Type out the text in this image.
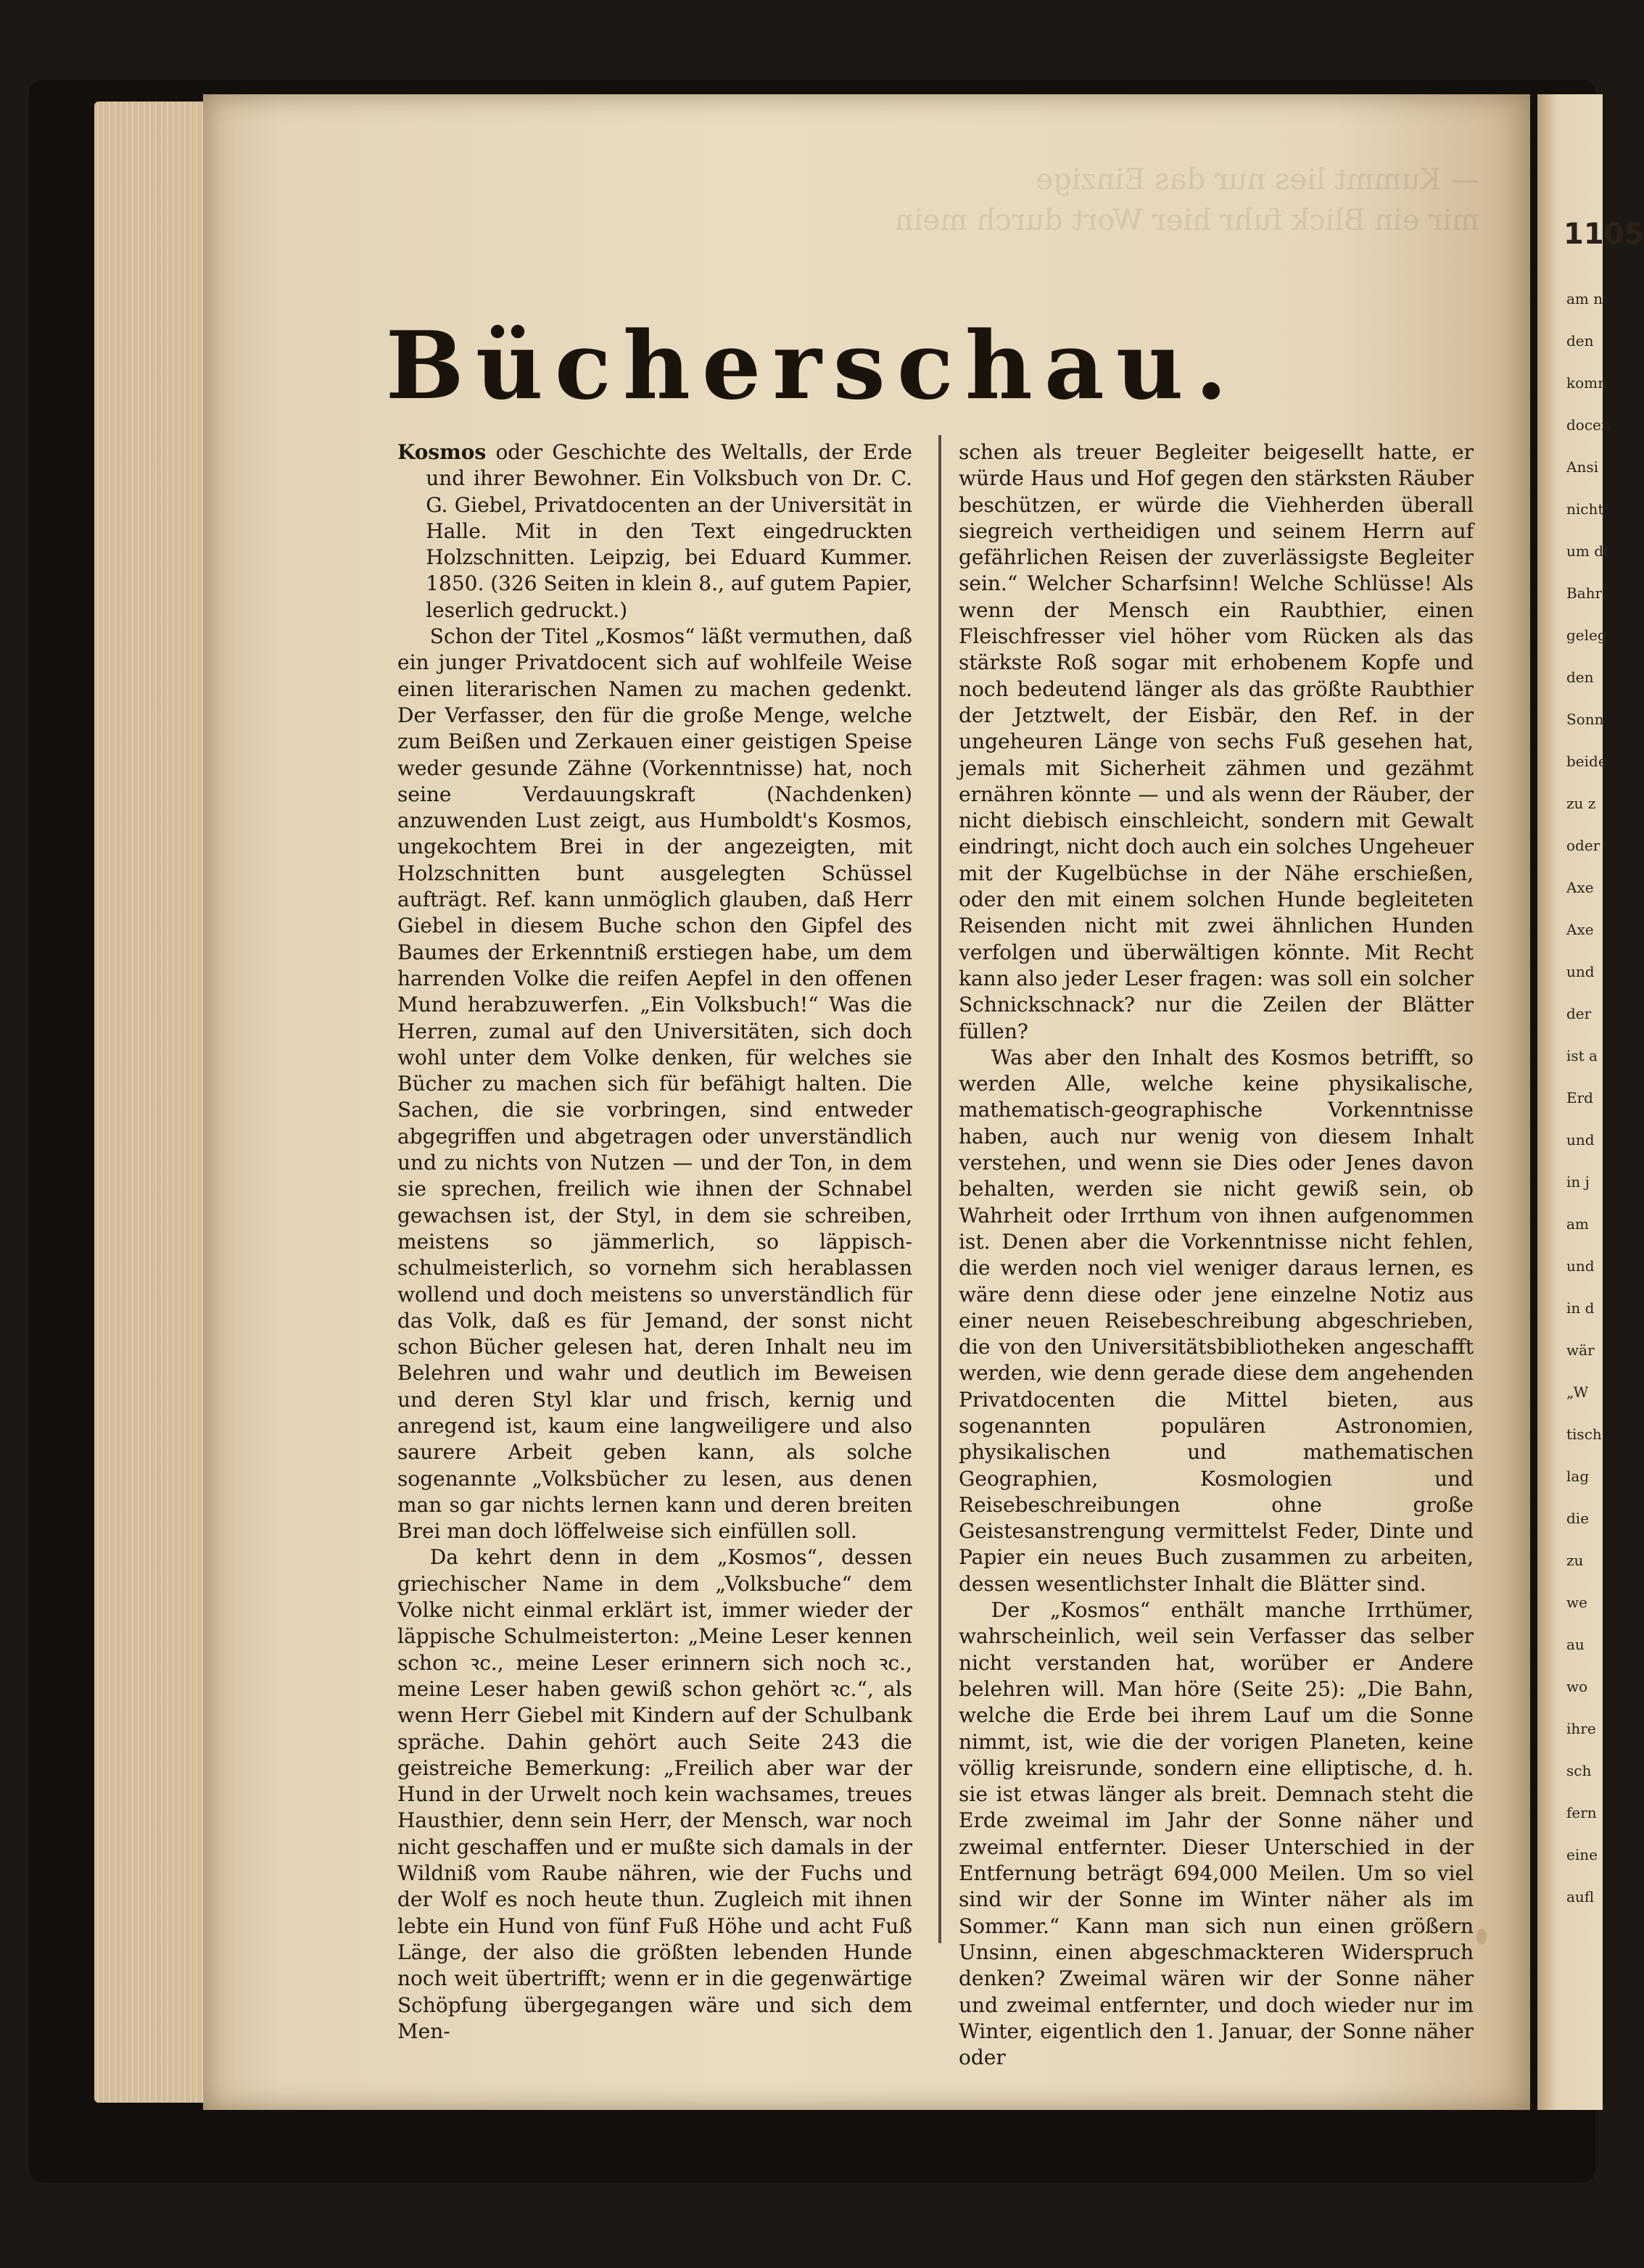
— Kummt lies nur das Einzige
mir ein Blick fuhr hier Wort durch mein
Bücherschau.

Kosmos oder Geschichte des Weltalls, der Erde und ihrer Bewohner. Ein Volksbuch von Dr. C. G. Giebel, Privatdocenten an der Universität in Halle. Mit in den Text eingedruckten Holzschnitten. Leipzig, bei Eduard Kummer. 1850. (326 Seiten in klein 8., auf gutem Papier, leserlich gedruckt.)

Schon der Titel „Kosmos“ läßt vermuthen, daß ein junger Privatdocent sich auf wohlfeile Weise einen literarischen Namen zu machen gedenkt. Der Verfasser, den für die große Menge, welche zum Beißen und Zerkauen einer geistigen Speise weder gesunde Zähne (Vorkenntnisse) hat, noch seine Verdauungskraft (Nachdenken) anzuwenden Lust zeigt, aus Humboldt's Kosmos, ungekochtem Brei in der angezeigten, mit Holzschnitten bunt ausgelegten Schüssel aufträgt. Ref. kann unmöglich glauben, daß Herr Giebel in diesem Buche schon den Gipfel des Baumes der Erkenntniß erstiegen habe, um dem harrenden Volke die reifen Aepfel in den offenen Mund herabzuwerfen. „Ein Volksbuch!“ Was die Herren, zumal auf den Universitäten, sich doch wohl unter dem Volke denken, für welches sie Bücher zu machen sich für befähigt halten. Die Sachen, die sie vorbringen, sind entweder abgegriffen und abgetragen oder unverständlich und zu nichts von Nutzen — und der Ton, in dem sie sprechen, freilich wie ihnen der Schnabel gewachsen ist, der Styl, in dem sie schreiben, meistens so jämmerlich, so läppisch-schulmeisterlich, so vornehm sich herablassen wollend und doch meistens so unverständlich für das Volk, daß es für Jemand, der sonst nicht schon Bücher gelesen hat, deren Inhalt neu im Belehren und wahr und deutlich im Beweisen und deren Styl klar und frisch, kernig und anregend ist, kaum eine langweiligere und also saurere Arbeit geben kann, als solche sogenannte „Volksbücher zu lesen, aus denen man so gar nichts lernen kann und deren breiten Brei man doch löffelweise sich einfüllen soll.

Da kehrt denn in dem „Kosmos“, dessen griechischer Name in dem „Volksbuche“ dem Volke nicht einmal erklärt ist, immer wieder der läppische Schulmeisterton: „Meine Leser kennen schon ꝛc., meine Leser erinnern sich noch ꝛc., meine Leser haben gewiß schon gehört ꝛc.“, als wenn Herr Giebel mit Kindern auf der Schulbank spräche. Dahin gehört auch Seite 243 die geistreiche Bemerkung: „Freilich aber war der Hund in der Urwelt noch kein wachsames, treues Hausthier, denn sein Herr, der Mensch, war noch nicht geschaffen und er mußte sich damals in der Wildniß vom Raube nähren, wie der Fuchs und der Wolf es noch heute thun. Zugleich mit ihnen lebte ein Hund von fünf Fuß Höhe und acht Fuß Länge, der also die größten lebenden Hunde noch weit übertrifft; wenn er in die gegenwärtige Schöpfung übergegangen wäre und sich dem Men-

schen als treuer Begleiter beigesellt hatte, er würde Haus und Hof gegen den stärksten Räuber beschützen, er würde die Viehherden überall siegreich vertheidigen und seinem Herrn auf gefährlichen Reisen der zuverlässigste Begleiter sein.“ Welcher Scharfsinn! Welche Schlüsse! Als wenn der Mensch ein Raubthier, einen Fleischfresser viel höher vom Rücken als das stärkste Roß sogar mit erhobenem Kopfe und noch bedeutend länger als das größte Raubthier der Jetztwelt, der Eisbär, den Ref. in der ungeheuren Länge von sechs Fuß gesehen hat, jemals mit Sicherheit zähmen und gezähmt ernähren könnte — und als wenn der Räuber, der nicht diebisch einschleicht, sondern mit Gewalt eindringt, nicht doch auch ein solches Ungeheuer mit der Kugelbüchse in der Nähe erschießen, oder den mit einem solchen Hunde begleiteten Reisenden nicht mit zwei ähnlichen Hunden verfolgen und überwältigen könnte. Mit Recht kann also jeder Leser fragen: was soll ein solcher Schnickschnack? nur die Zeilen der Blätter füllen?

Was aber den Inhalt des Kosmos betrifft, so werden Alle, welche keine physikalische, mathematisch-geographische Vorkenntnisse haben, auch nur wenig von diesem Inhalt verstehen, und wenn sie Dies oder Jenes davon behalten, werden sie nicht gewiß sein, ob Wahrheit oder Irrthum von ihnen aufgenommen ist. Denen aber die Vorkenntnisse nicht fehlen, die werden noch viel weniger daraus lernen, es wäre denn diese oder jene einzelne Notiz aus einer neuen Reisebeschreibung abgeschrieben, die von den Universitätsbibliotheken angeschafft werden, wie denn gerade diese dem angehenden Privatdocenten die Mittel bieten, aus sogenannten populären Astronomien, physikalischen und mathematischen Geographien, Kosmologien und Reisebeschreibungen ohne große Geistesanstrengung vermittelst Feder, Dinte und Papier ein neues Buch zusammen zu arbeiten, dessen wesentlichster Inhalt die Blätter sind.

Der „Kosmos“ enthält manche Irrthümer, wahrscheinlich, weil sein Verfasser das selber nicht verstanden hat, worüber er Andere belehren will. Man höre (Seite 25): „Die Bahn, welche die Erde bei ihrem Lauf um die Sonne nimmt, ist, wie die der vorigen Planeten, keine völlig kreisrunde, sondern eine elliptische, d. h. sie ist etwas länger als breit. Demnach steht die Erde zweimal im Jahr der Sonne näher und zweimal entfernter. Dieser Unterschied in der Entfernung beträgt 694,000 Meilen. Um so viel sind wir der Sonne im Winter näher als im Sommer.“ Kann man sich nun einen größern Unsinn, einen abgeschmackteren Widerspruch denken? Zweimal wären wir der Sonne näher und zweimal entfernter, und doch wieder nur im Winter, eigentlich den 1. Januar, der Sonne näher oder

1105
am n
den
komn
docen
Ansi
nicht
um di
Bahr
geleg
den
Sonn
beide
zu z
oder
Axe
Axe
und
der
ist a
Erd
und
in j
am
und
in d
wär
„W
tisch
lag
die
zu
we
au
wo
ihre
sch
fern
eine
aufl
